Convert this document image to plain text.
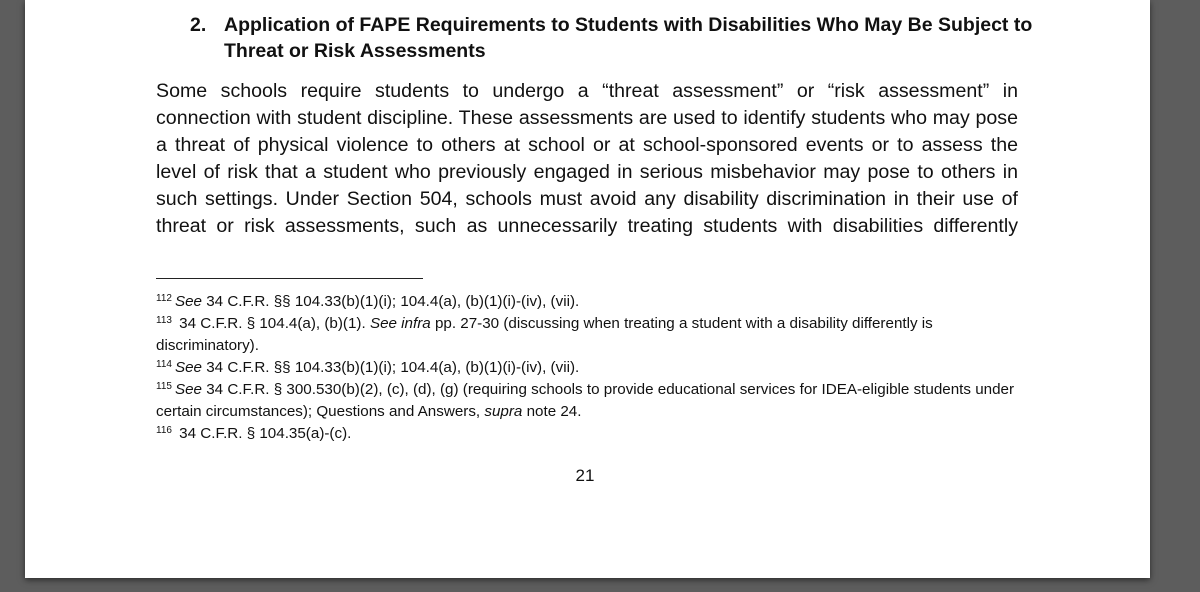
2. Application of FAPE Requirements to Students with Disabilities Who May Be Subject to Threat or Risk Assessments
Some schools require students to undergo a “threat assessment” or “risk assessment” in connection with student discipline. These assessments are used to identify students who may pose a threat of physical violence to others at school or at school-sponsored events or to assess the level of risk that a student who previously engaged in serious misbehavior may pose to others in such settings. Under Section 504, schools must avoid any disability discrimination in their use of threat or risk assessments, such as unnecessarily treating students with disabilities differently

$^{112}$ See 34 C.F.R. §§ 104.33(b)(1)(i); 104.4(a), (b)(1)(i)-(iv), (vii).

$^{113}$ 34 C.F.R. § 104.4(a), (b)(1). See infra pp. 27-30 (discussing when treating a student with a disability differently is discriminatory).

$^{114}$ See 34 C.F.R. §§ 104.33(b)(1)(i); 104.4(a), (b)(1)(i)-(iv), (vii).

$^{115}$ See 34 C.F.R. § 300.530(b)(2), (c), (d), (g) (requiring schools to provide educational services for IDEA-eligible students under certain circumstances); Questions and Answers, supra note 24.

$^{116}$ 34 C.F.R. § 104.35(a)-(c).

21
